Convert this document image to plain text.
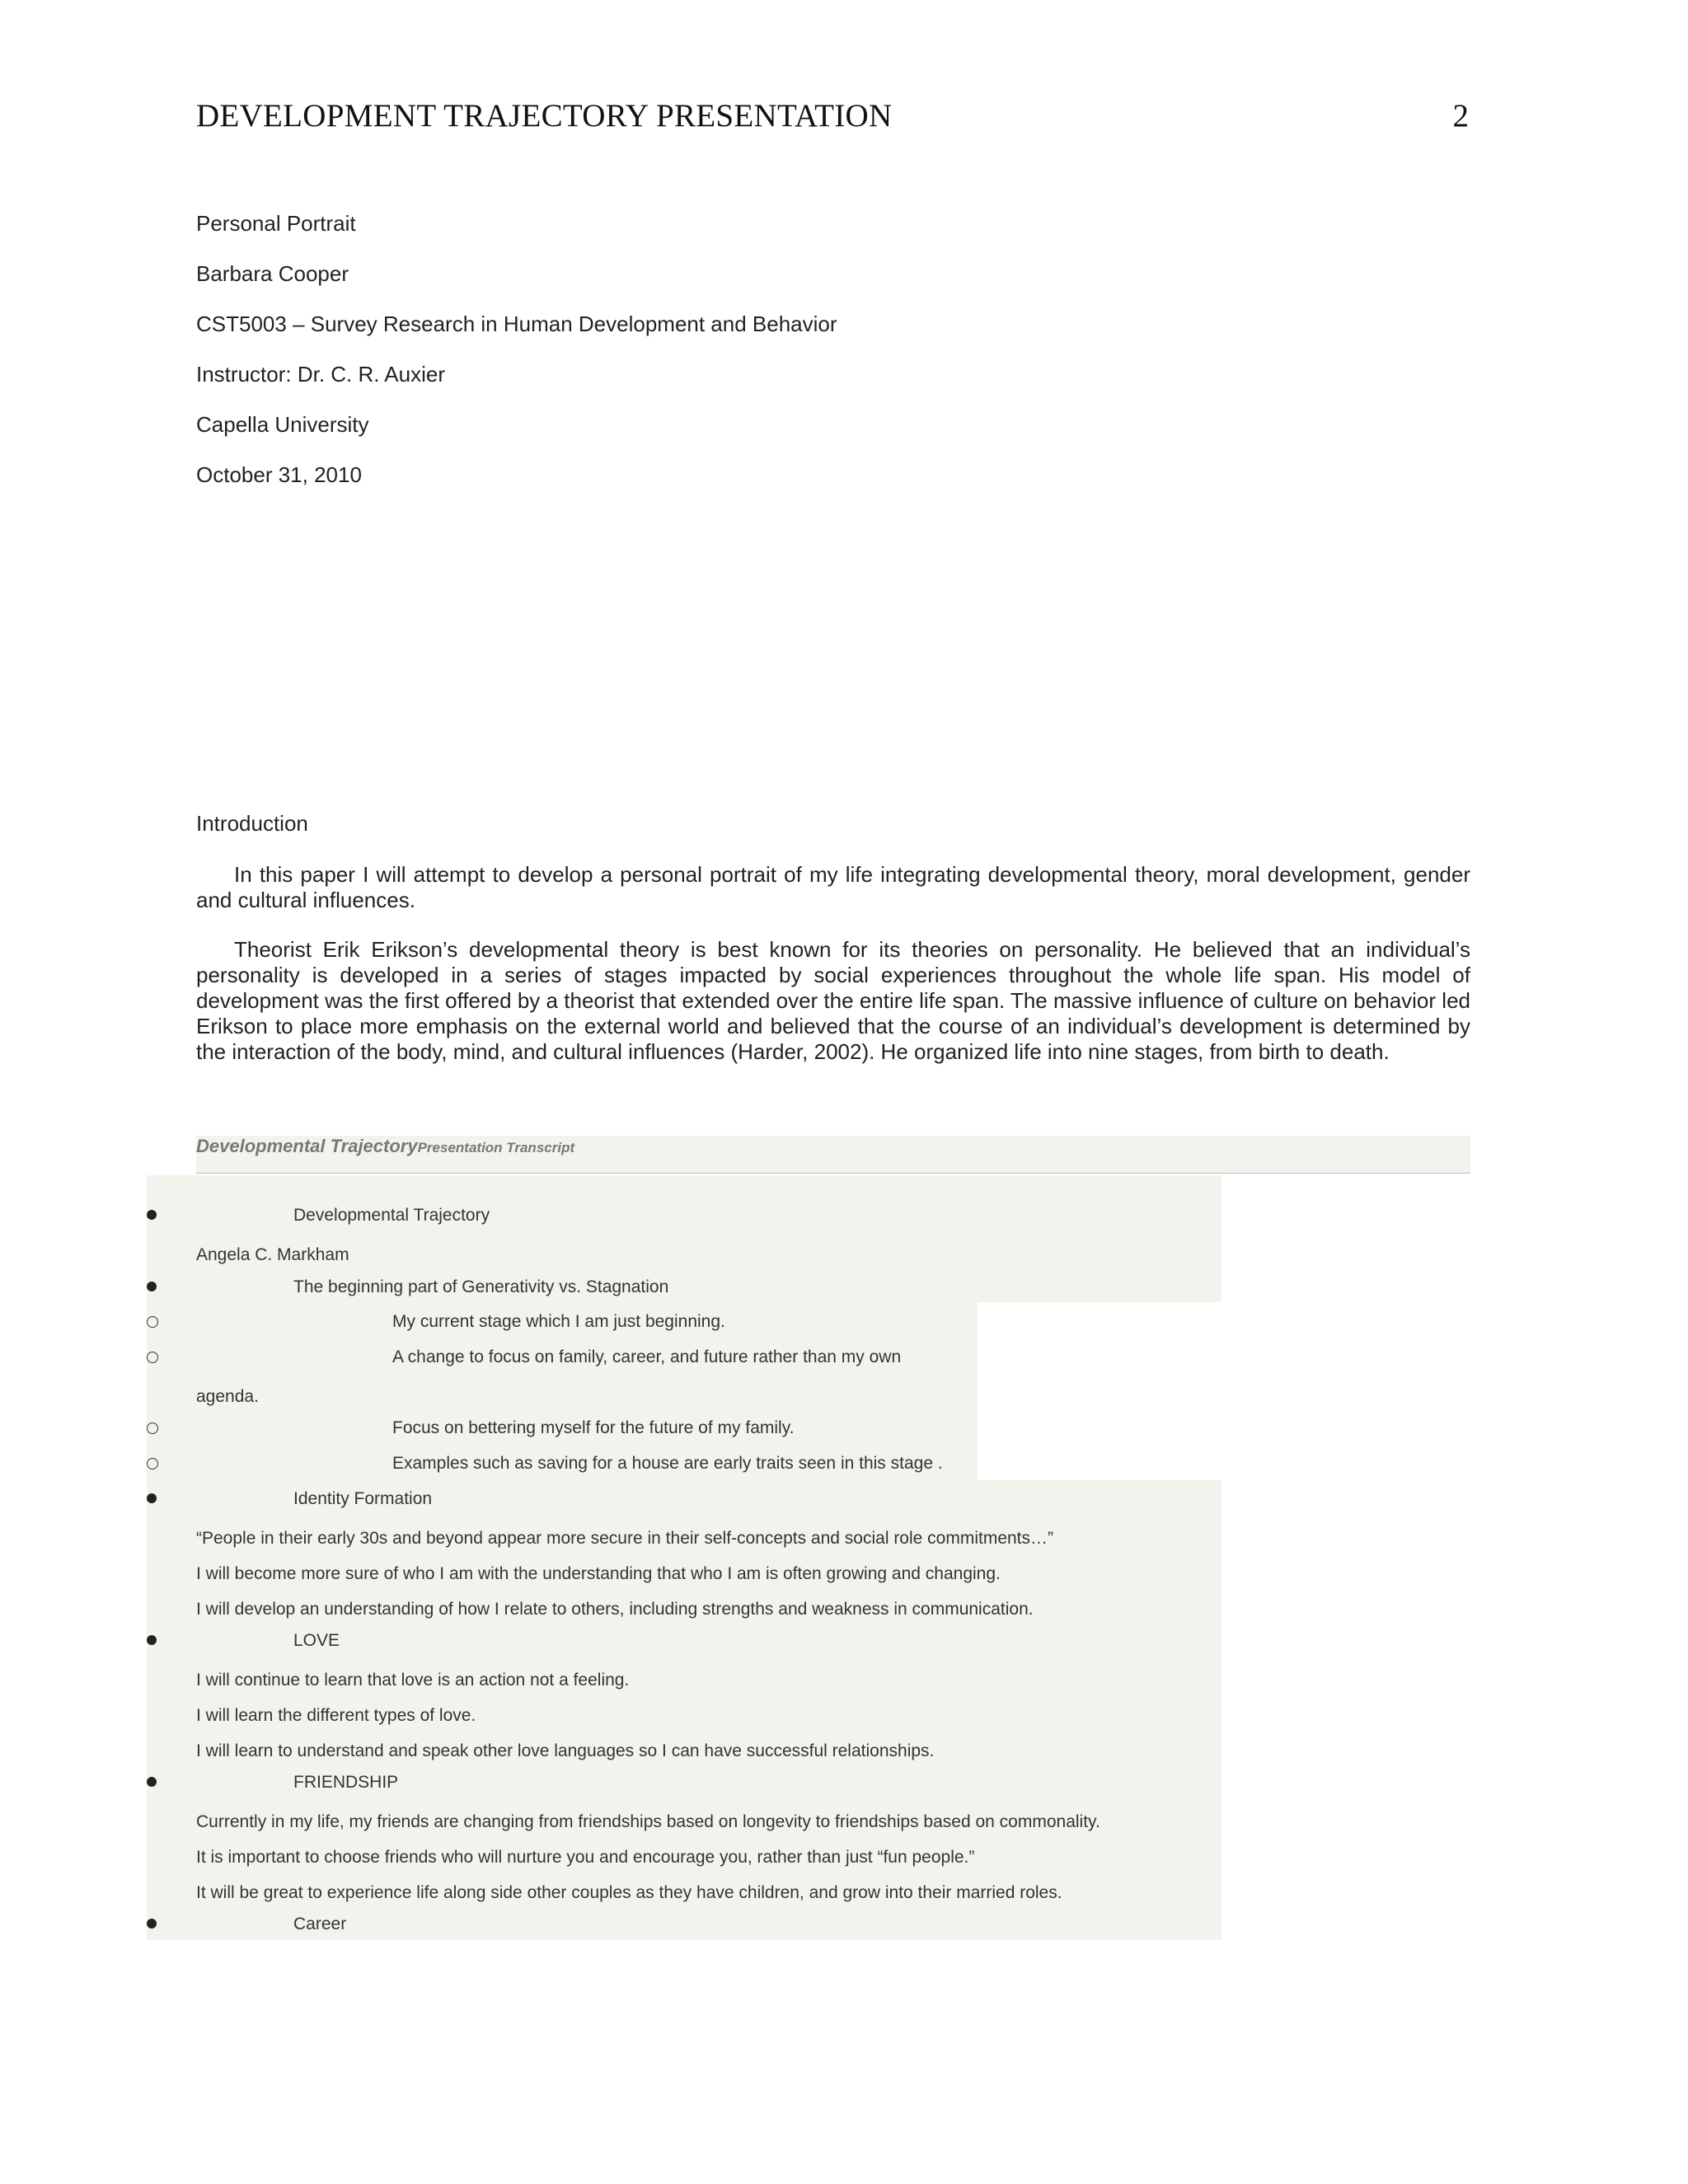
DEVELOPMENT TRAJECTORY PRESENTATION	2
Personal Portrait
Barbara Cooper
CST5003 – Survey Research in Human Development and Behavior
Instructor: Dr. C. R. Auxier
Capella University
October 31, 2010
Introduction
In this paper I will attempt to develop a personal portrait of my life integrating developmental theory, moral development, gender and cultural influences.
Theorist Erik Erikson’s developmental theory is best known for its theories on personality. He believed that an individual’s personality is developed in a series of stages impacted by social experiences throughout the whole life span. His model of development was the first offered by a theorist that extended over the entire life span. The massive influence of culture on behavior led Erikson to place more emphasis on the external world and believed that the course of an individual’s development is determined by the interaction of the body, mind, and cultural influences (Harder, 2002). He organized life into nine stages, from birth to death.
Developmental TrajectoryPresentation Transcript
Developmental Trajectory
Angela C. Markham
The beginning part of Generativity vs. Stagnation
My current stage which I am just beginning.
A change to focus on family, career, and future rather than my own
agenda.
Focus on bettering myself for the future of my family.
Examples such as saving for a house are early traits seen in this stage .
Identity Formation
“People in their early 30s and beyond appear more secure in their self-concepts and social role commitments…”
I will become more sure of who I am with the understanding that who I am is often growing and changing.
I will develop an understanding of how I relate to others, including strengths and weakness in communication.
LOVE
I will continue to learn that love is an action not a feeling.
I will learn the different types of love.
I will learn to understand and speak other love languages so I can have successful relationships.
FRIENDSHIP
Currently in my life, my friends are changing from friendships based on longevity to friendships based on commonality.
It is important to choose friends who will nurture you and encourage you, rather than just “fun people.”
It will be great to experience life along side other couples as they have children, and grow into their married roles.
Career
